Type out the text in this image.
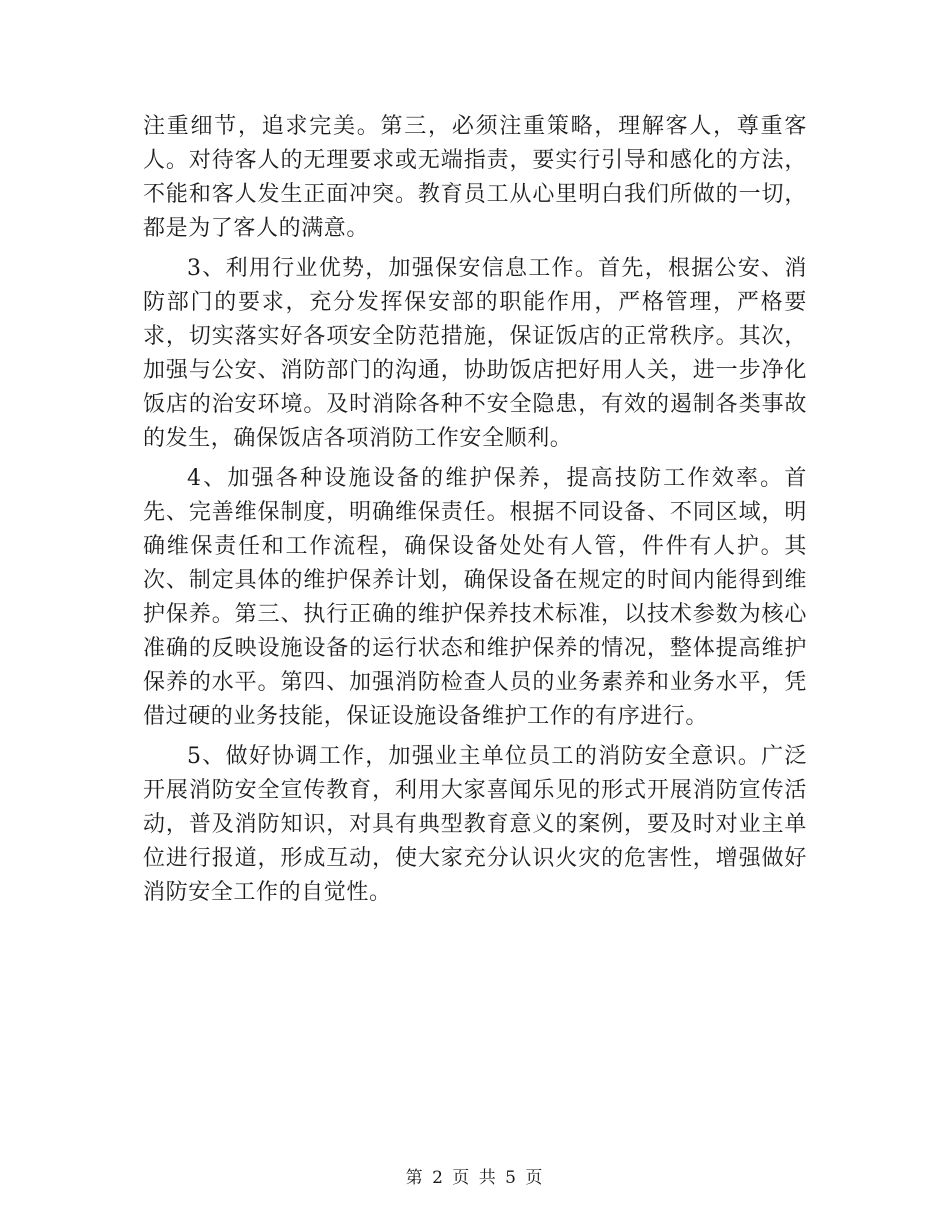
注重细节，追求完美。第三，必须注重策略，理解客人，尊重客人。对待客人的无理要求或无端指责，要实行引导和感化的方法，不能和客人发生正面冲突。教育员工从心里明白我们所做的一切，都是为了客人的满意。

3、利用行业优势，加强保安信息工作。首先，根据公安、消防部门的要求，充分发挥保安部的职能作用，严格管理，严格要求，切实落实好各项安全防范措施，保证饭店的正常秩序。其次，加强与公安、消防部门的沟通，协助饭店把好用人关，进一步净化饭店的治安环境。及时消除各种不安全隐患，有效的遏制各类事故的发生，确保饭店各项消防工作安全顺利。

4、加强各种设施设备的维护保养，提高技防工作效率。首先、完善维保制度，明确维保责任。根据不同设备、不同区域，明确维保责任和工作流程，确保设备处处有人管，件件有人护。其次、制定具体的维护保养计划，确保设备在规定的时间内能得到维护保养。第三、执行正确的维护保养技术标准，以技术参数为核心准确的反映设施设备的运行状态和维护保养的情况，整体提高维护保养的水平。第四、加强消防检查人员的业务素养和业务水平，凭借过硬的业务技能，保证设施设备维护工作的有序进行。

5、做好协调工作，加强业主单位员工的消防安全意识。广泛开展消防安全宣传教育，利用大家喜闻乐见的形式开展消防宣传活动，普及消防知识，对具有典型教育意义的案例，要及时对业主单位进行报道，形成互动，使大家充分认识火灾的危害性，增强做好消防安全工作的自觉性。

第 2 页 共 5 页
